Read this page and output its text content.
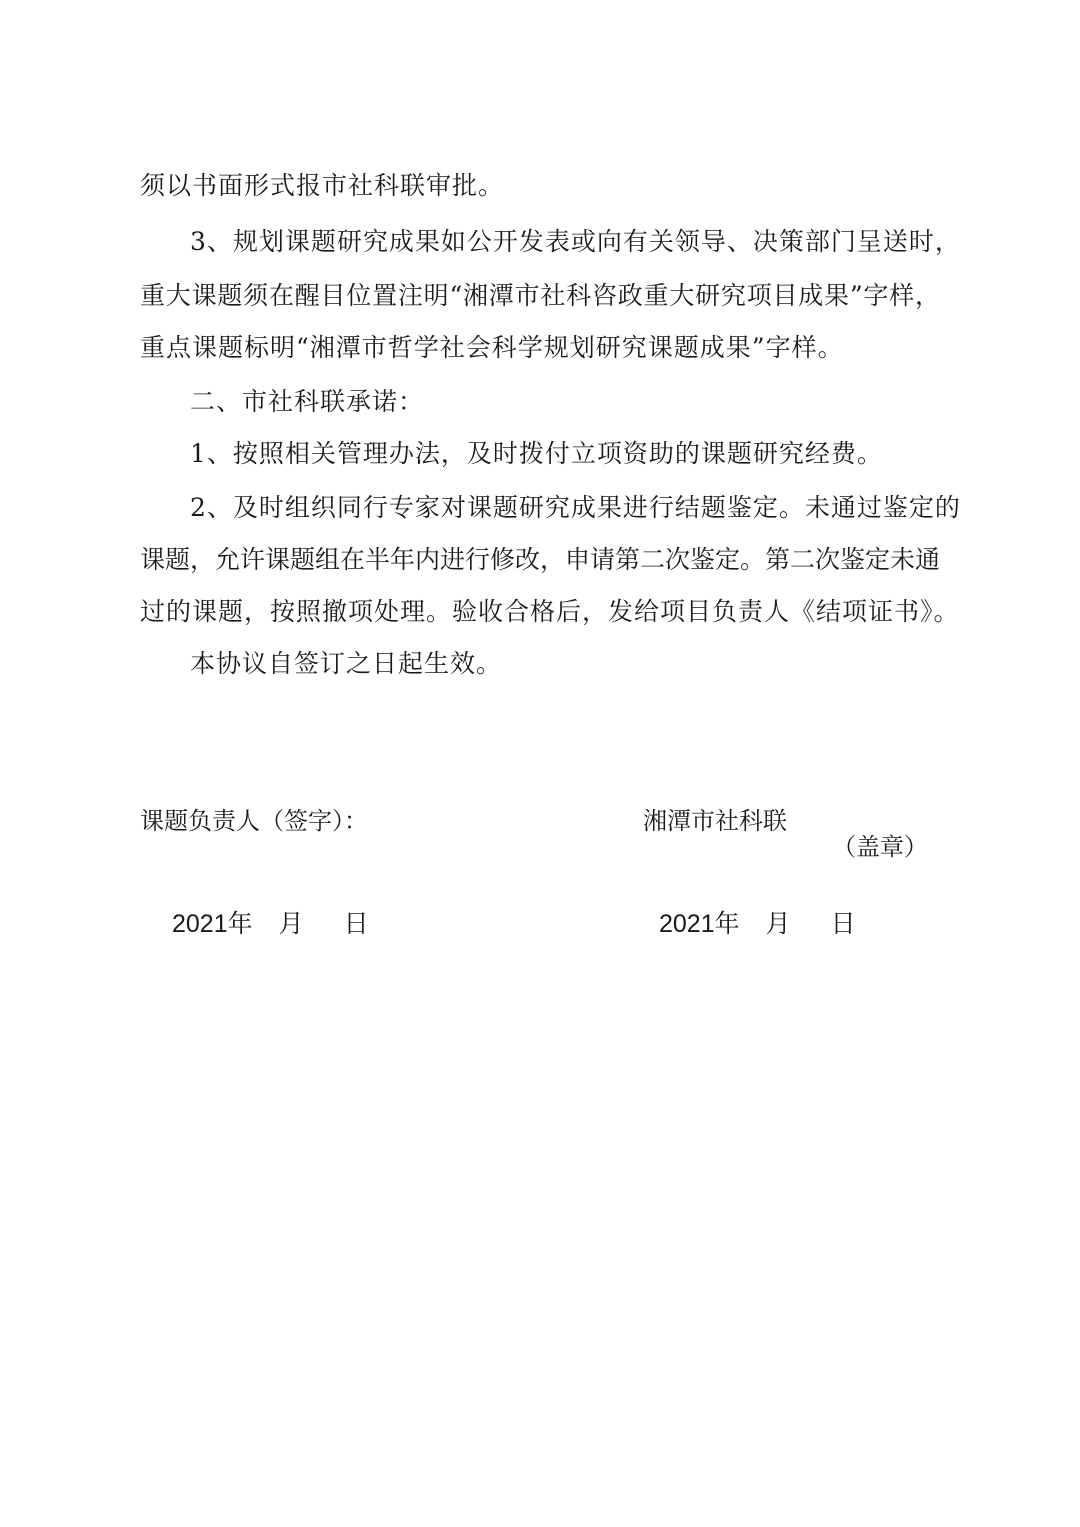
须以书面形式报市社科联审批。
3、规划课题研究成果如公开发表或向有关领导、决策部门呈送时，
重大课题须在醒目位置注明“湘潭市社科咨政重大研究项目成果”字样，
重点课题标明“湘潭市哲学社会科学规划研究课题成果”字样。
二、市社科联承诺：
1、按照相关管理办法，及时拨付立项资助的课题研究经费。
2、及时组织同行专家对课题研究成果进行结题鉴定。未通过鉴定的
课题，允许课题组在半年内进行修改，申请第二次鉴定。第二次鉴定未通
过的课题，按照撤项处理。验收合格后，发给项目负责人《结项证书》。
本协议自签订之日起生效。
课题负责人（签字）：	湘潭市社科联
（盖章）
2021年 月 日	2021年 月 日
